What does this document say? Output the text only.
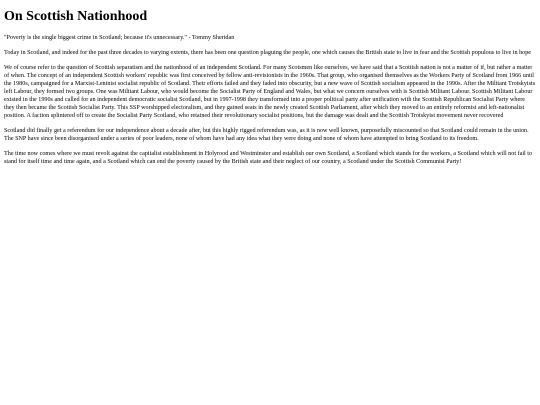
On Scottish Nationhood

"Poverty is the single biggest crime in Scotland; because it's unnecessary." - Tommy Sheridan

Today in Scotland, and indeed for the past three decades to varying extents, there has been one question plaguing the people, one which causes the British state to live in fear and the Scottish populous to live in hope

We of course refer to the question of Scottish separatism and the nationhood of an independent Scotland. For many Scotsmen like ourselves, we have said that a Scottish nation is not a matter of if, but rather a matter of when. The concept of an independent Scottish workers' republic was first conceived by fellow anti-revisionists in the 1960s. That group, who organised themselves as the Workers Party of Scotland from 1966 until the 1980s, campaigned for a Marxist-Leninist socialist republic of Scotland. Their efforts failed and they faded into obscurity, but a new wave of Scottish socialism appeared in the 1990s. After the Militant Trotskyists left Labour, they formed two groups. One was Militant Labour, who would become the Socialist Party of England and Wales, but what we concern ourselves with is Scottish Militant Labour. Scottish Militant Labour existed in the 1990s and called for an independent democratic socialist Scotland, but in 1997-1998 they transformed into a proper political party after unification with the Scottish Republican Socialist Party where they then became the Scottish Socialist Party. This SSP worshipped electoralism, and they gained seats in the newly created Scottish Parliament, after which they moved to an entirely reformist and left-nationalist position. A faction splintered off to create the Socialist Party Scotland, who retained their revolutionary socialist positions, but the damage was dealt and the Scottish Trotskyist movement never recovered

Scotland did finally get a referendum for our independence about a decade after, but this highly rigged referendum was, as it is now well known, purposefully miscounted so that Scotland could remain in the union. The SNP have since been disorganised under a series of poor leaders, none of whom have had any idea what they were doing and none of whom have attempted to bring Scotland to its freedom.

The time now comes where we must revolt against the capitalist establishment in Holyrood and Westminster and establish our own Scotland, a Scotland which stands for the workers, a Scotland which will not fail to stand for itself time and time again, and a Scotland which can end the poverty caused by the British state and their neglect of our country, a Scotland under the Scottish Communist Party!
